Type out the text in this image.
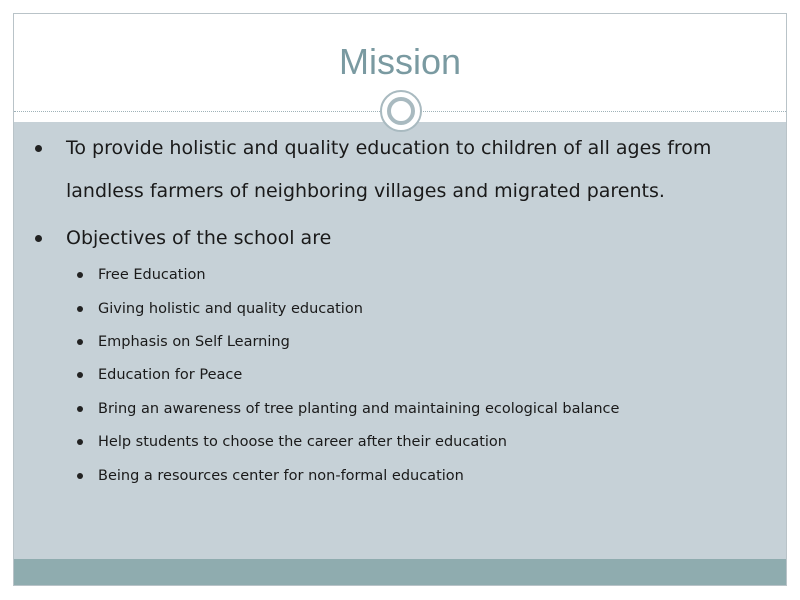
Mission
To provide holistic and quality education to children of all ages from landless farmers of neighboring villages and migrated parents.
Objectives of the school are
Free Education
Giving holistic and quality education
Emphasis on Self Learning
Education for Peace
Bring an awareness of tree planting and maintaining ecological balance
Help students to choose the career after their education
Being a resources center for non-formal education
